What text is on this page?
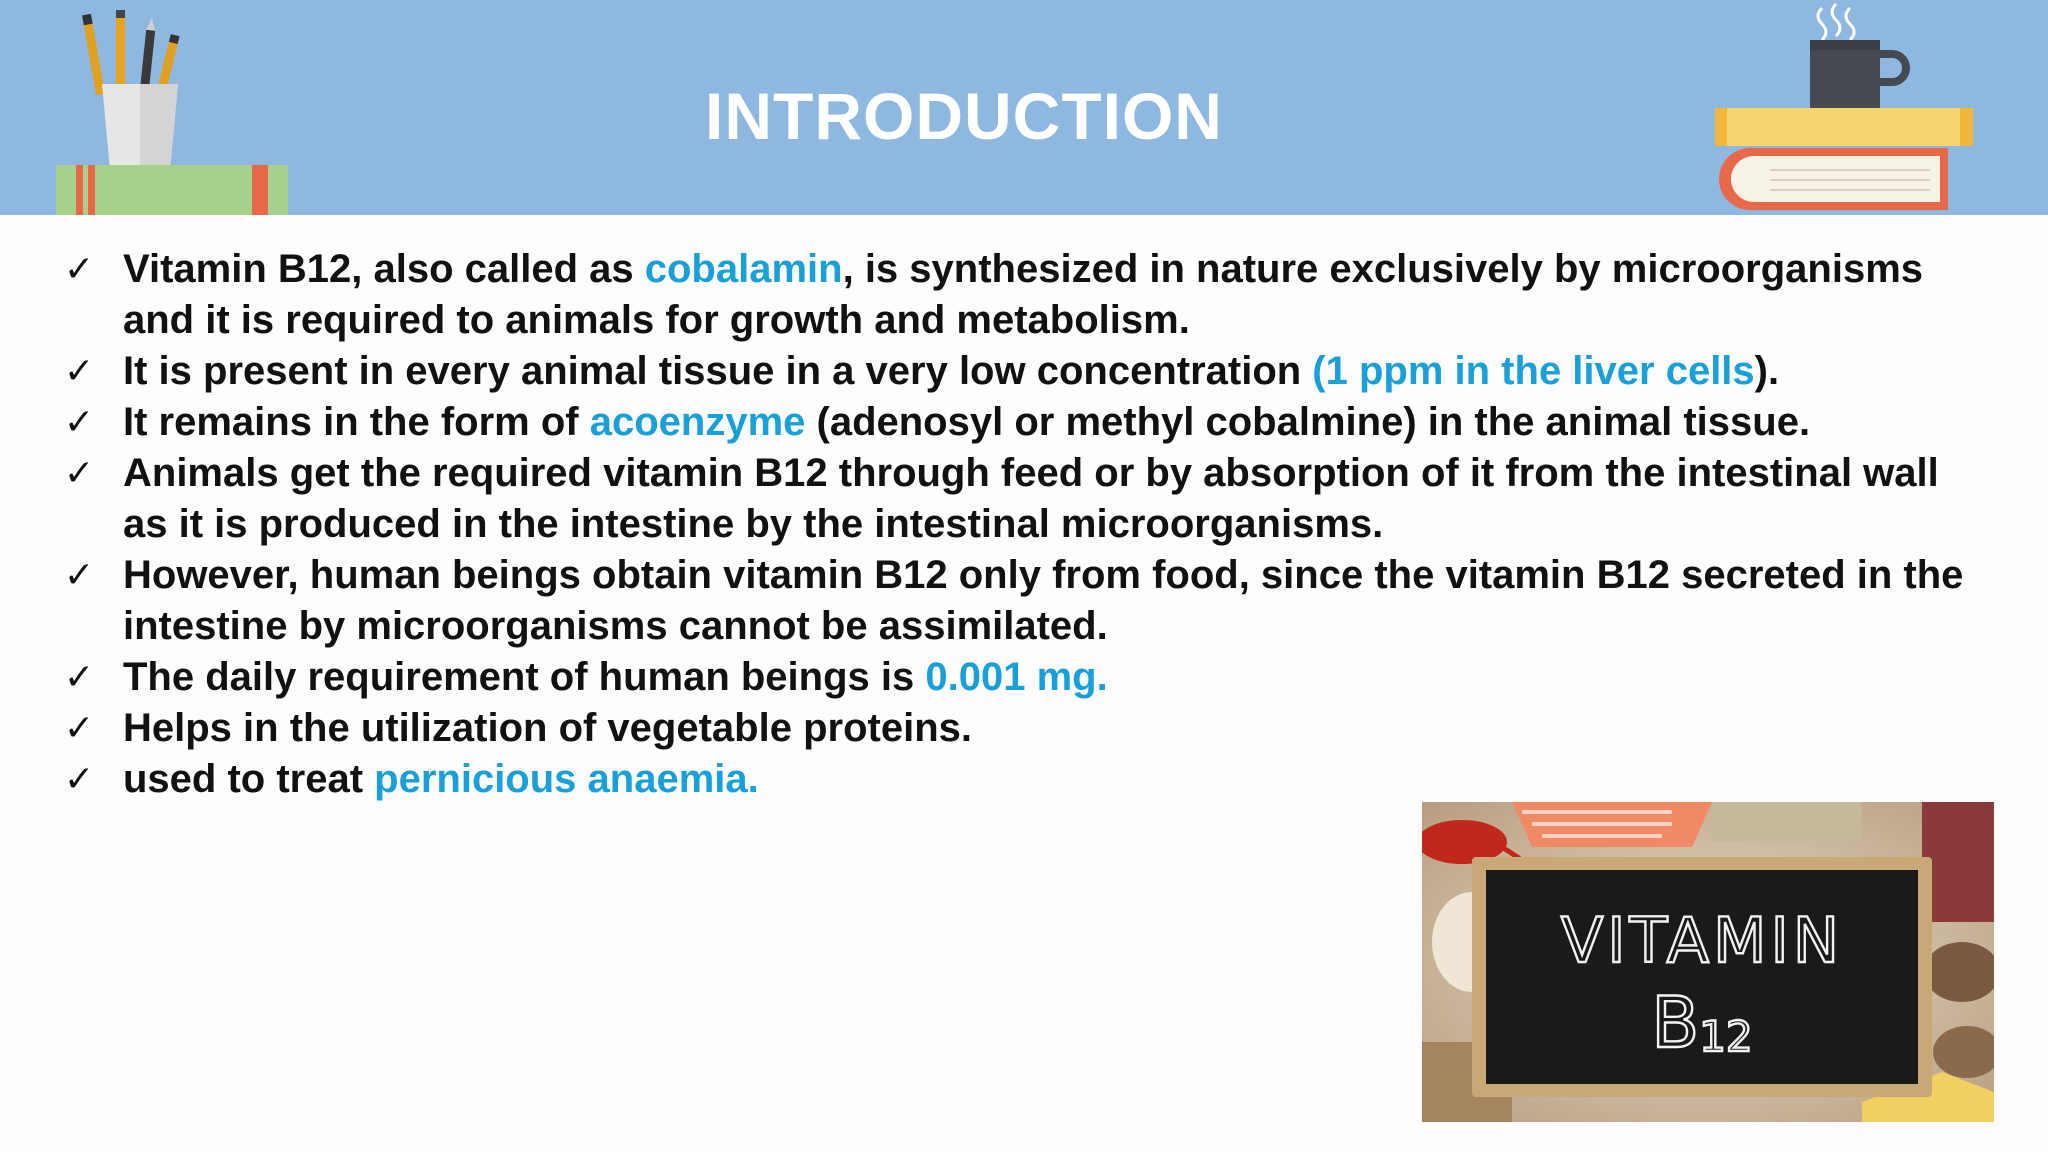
INTRODUCTION
✓ Vitamin B12, also called as cobalamin, is synthesized in nature exclusively by microorganisms and it is required to animals for growth and metabolism.
✓ It is present in every animal tissue in a very low concentration (1 ppm in the liver cells).
✓ It remains in the form of acoenzyme (adenosyl or methyl cobalmine) in the animal tissue.
✓ Animals get the required vitamin B12 through feed or by absorption of it from the intestinal wall as it is produced in the intestine by the intestinal microorganisms.
✓ However, human beings obtain vitamin B12 only from food, since the vitamin B12 secreted in the intestine by microorganisms cannot be assimilated.
✓ The daily requirement of human beings is 0.001 mg.
✓ Helps in the utilization of vegetable proteins.
✓ used to treat pernicious anaemia.
VITAMIN
B12
